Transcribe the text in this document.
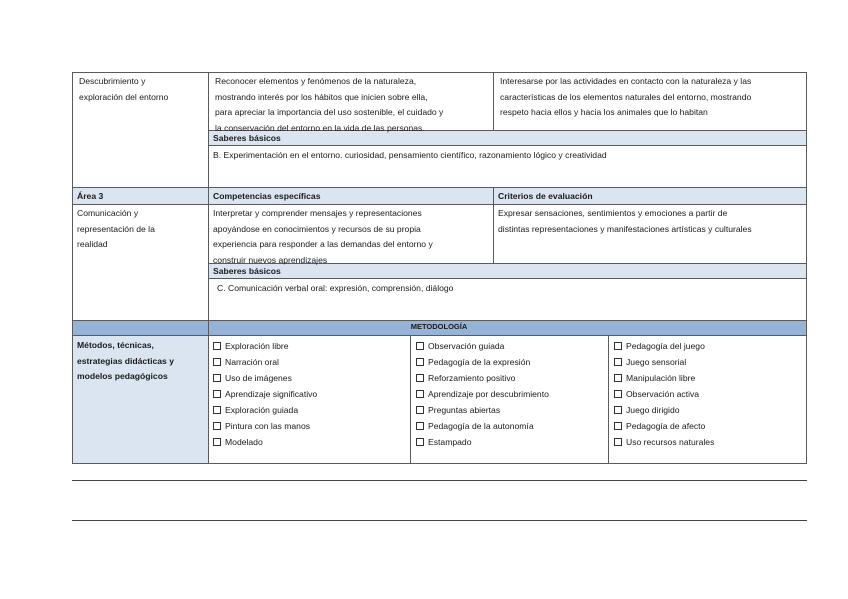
Descubrimiento y
exploración del entorno
Reconocer elementos y fenómenos de la naturaleza,
mostrando interés por los hábitos que inicien sobre ella,
para apreciar la importancia del uso sostenible, el cuidado y
la conservación del entorno en la vida de las personas.
Interesarse por las actividades en contacto con la naturaleza y las
características de los elementos naturales del entorno, mostrando
respeto hacia ellos y hacia los animales que lo habitan
Saberes básicos
B. Experimentación en el entorno. curiosidad, pensamiento científico, razonamiento lógico y creatividad
Área 3	Competencias específicas	Criterios de evaluación
Comunicación y
representación de la
realidad
Interpretar y comprender mensajes y representaciones
apoyándose en conocimientos y recursos de su propia
experiencia para responder a las demandas del entorno y
construir nuevos aprendizajes
Expresar sensaciones, sentimientos y emociones a partir de
distintas representaciones y manifestaciones artísticas y culturales
Saberes básicos
C. Comunicación verbal oral: expresión, comprensión, diálogo
METODOLOGÍA
Métodos, técnicas,
estrategias didácticas y
modelos pedagógicos
Exploración libre
Narración oral
Uso de imágenes
Aprendizaje significativo
Exploración guiada
Pintura con las manos
Modelado
Observación guiada
Pedagogía de la expresión
Reforzamiento positivo
Aprendizaje por descubrimiento
Preguntas abiertas
Pedagogía de la autonomía
Estampado
Pedagogía del juego
Juego sensorial
Manipulación libre
Observación activa
Juego dirigido
Pedagogía de afecto
Uso recursos naturales
